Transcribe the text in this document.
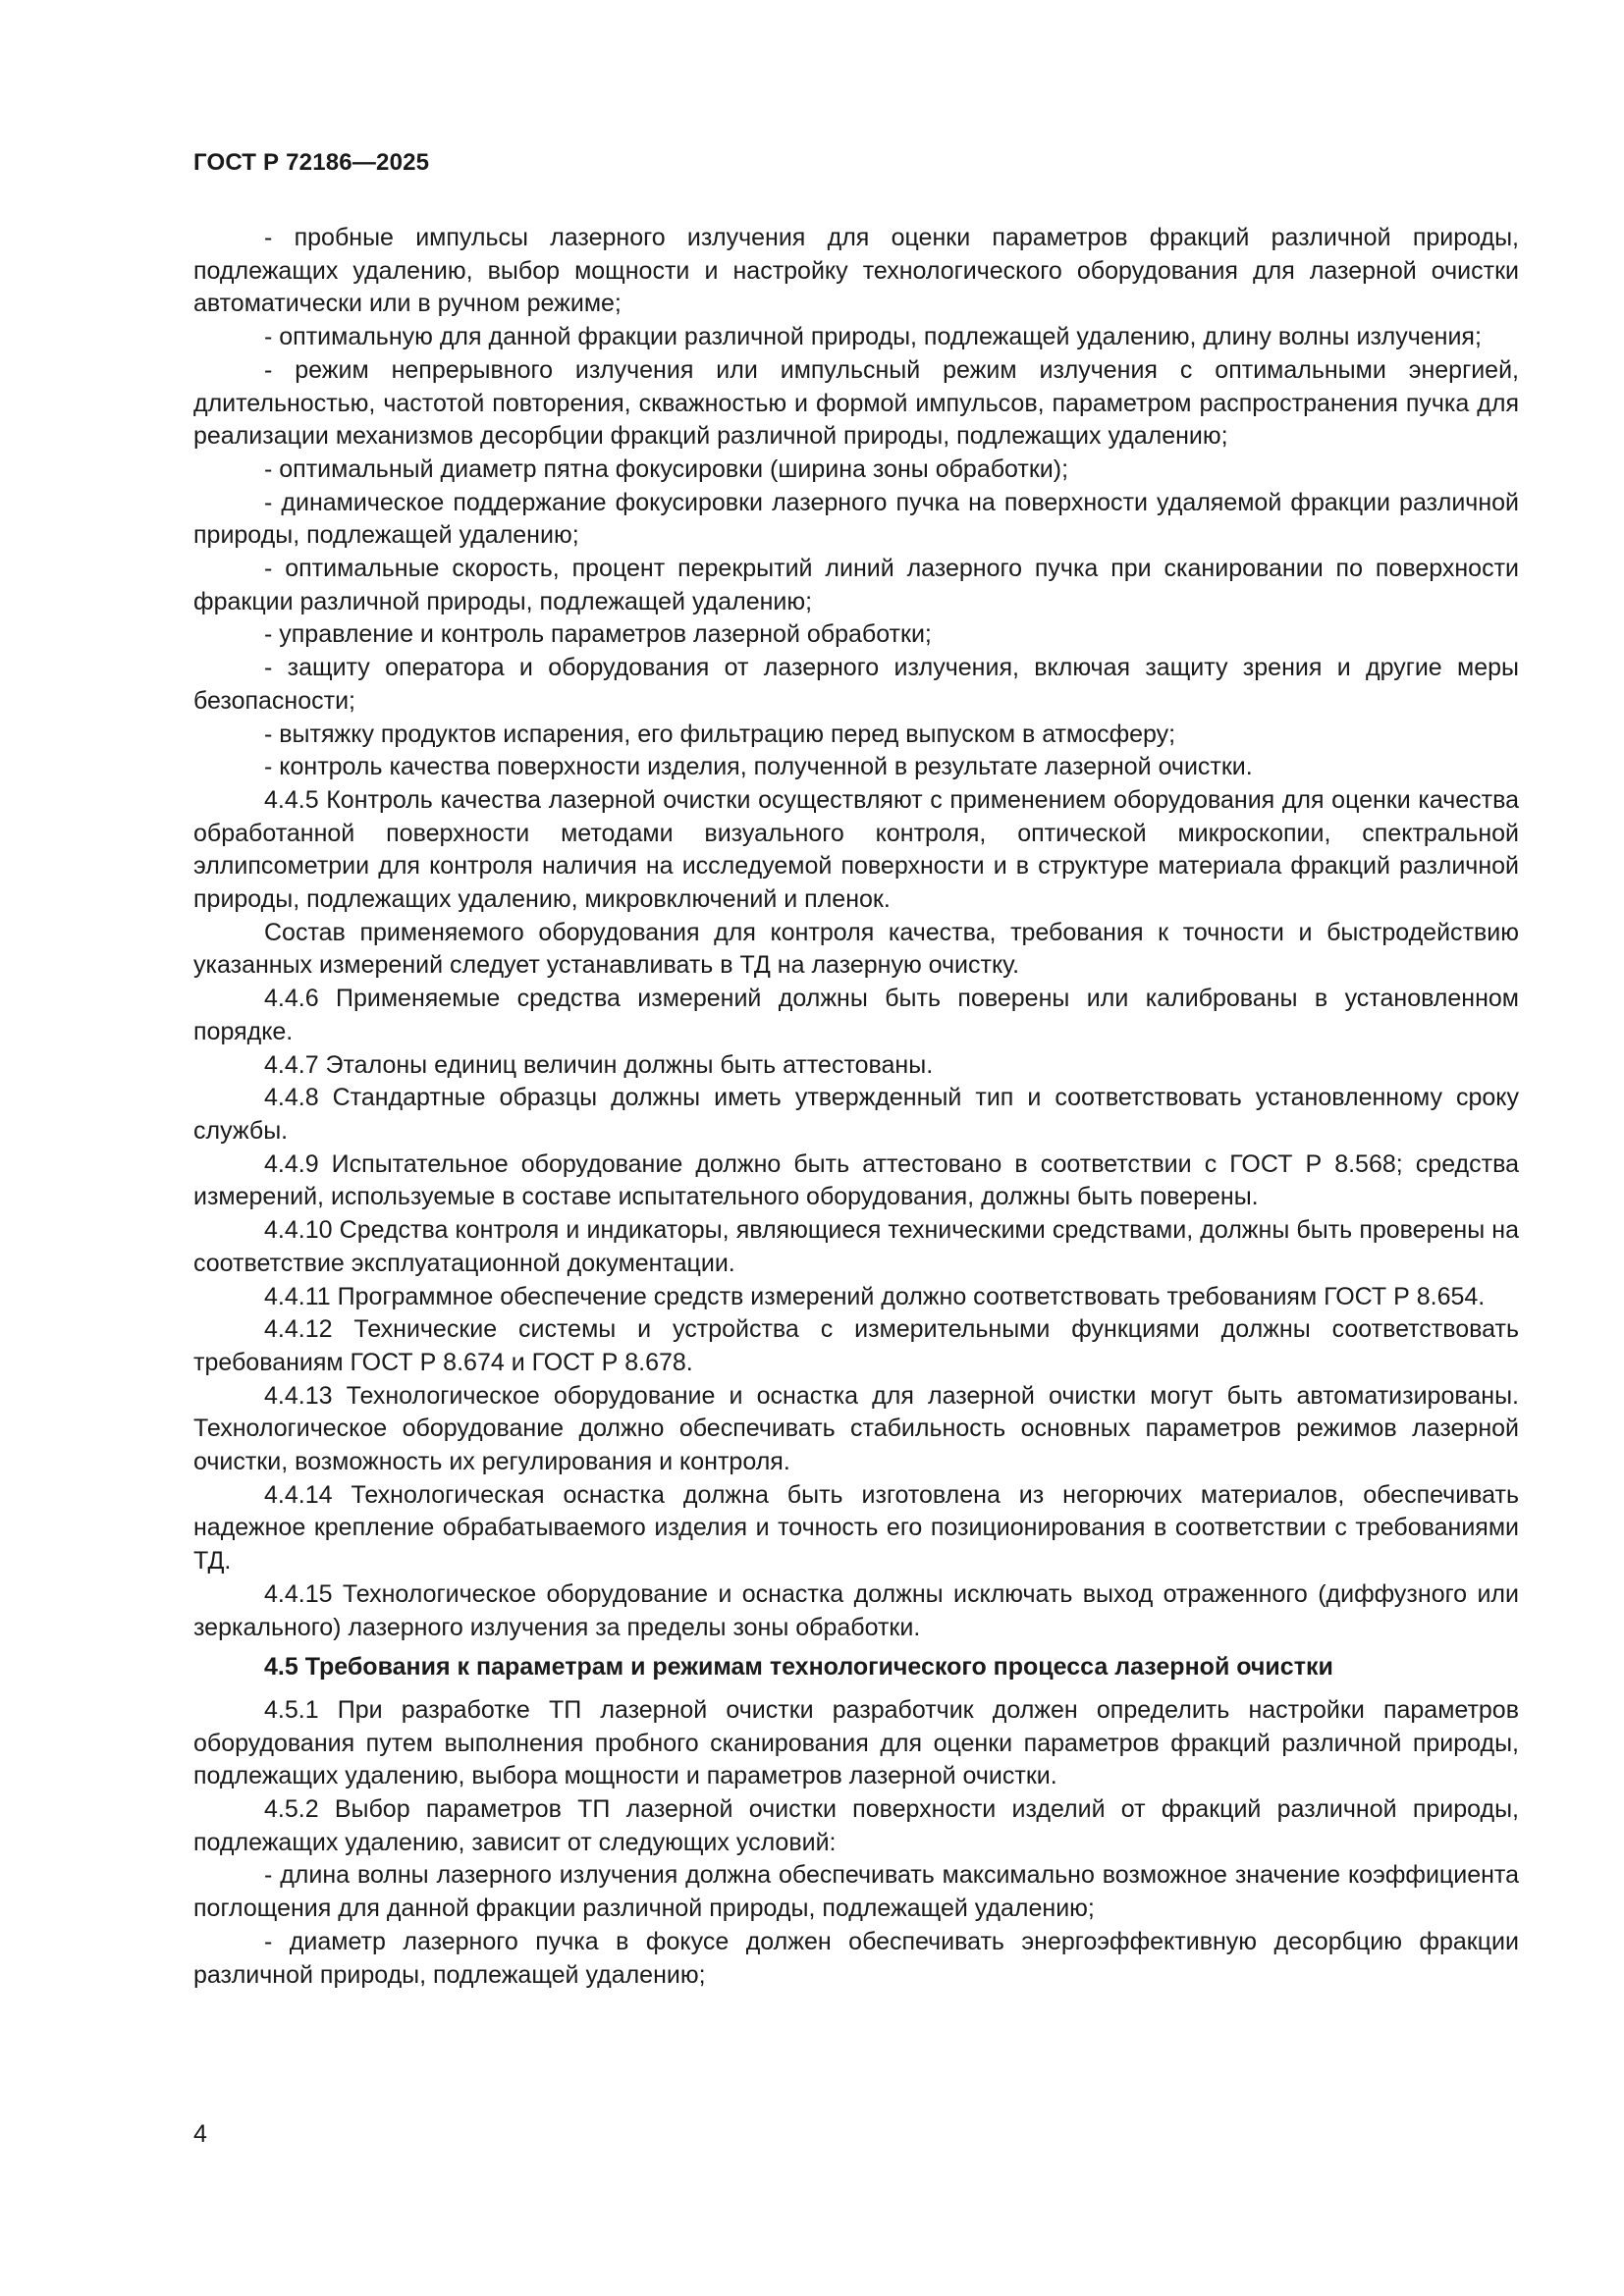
ГОСТ Р 72186—2025

- пробные импульсы лазерного излучения для оценки параметров фракций различной природы, подлежащих удалению, выбор мощности и настройку технологического оборудования для лазерной очистки автоматически или в ручном режиме;

- оптимальную для данной фракции различной природы, подлежащей удалению, длину волны излучения;

- режим непрерывного излучения или импульсный режим излучения с оптимальными энергией, длительностью, частотой повторения, скважностью и формой импульсов, параметром распространения пучка для реализации механизмов десорбции фракций различной природы, подлежащих удалению;

- оптимальный диаметр пятна фокусировки (ширина зоны обработки);

- динамическое поддержание фокусировки лазерного пучка на поверхности удаляемой фракции различной природы, подлежащей удалению;

- оптимальные скорость, процент перекрытий линий лазерного пучка при сканировании по поверхности фракции различной природы, подлежащей удалению;

- управление и контроль параметров лазерной обработки;

- защиту оператора и оборудования от лазерного излучения, включая защиту зрения и другие меры безопасности;

- вытяжку продуктов испарения, его фильтрацию перед выпуском в атмосферу;

- контроль качества поверхности изделия, полученной в результате лазерной очистки.

4.4.5 Контроль качества лазерной очистки осуществляют с применением оборудования для оценки качества обработанной поверхности методами визуального контроля, оптической микроскопии, спектральной эллипсометрии для контроля наличия на исследуемой поверхности и в структуре материала фракций различной природы, подлежащих удалению, микровключений и пленок.

Состав применяемого оборудования для контроля качества, требования к точности и быстродействию указанных измерений следует устанавливать в ТД на лазерную очистку.

4.4.6 Применяемые средства измерений должны быть поверены или калиброваны в установленном порядке.

4.4.7 Эталоны единиц величин должны быть аттестованы.

4.4.8 Стандартные образцы должны иметь утвержденный тип и соответствовать установленному сроку службы.

4.4.9 Испытательное оборудование должно быть аттестовано в соответствии с ГОСТ Р 8.568; средства измерений, используемые в составе испытательного оборудования, должны быть поверены.

4.4.10 Средства контроля и индикаторы, являющиеся техническими средствами, должны быть проверены на соответствие эксплуатационной документации.

4.4.11 Программное обеспечение средств измерений должно соответствовать требованиям ГОСТ Р 8.654.

4.4.12 Технические системы и устройства с измерительными функциями должны соответствовать требованиям ГОСТ Р 8.674 и ГОСТ Р 8.678.

4.4.13 Технологическое оборудование и оснастка для лазерной очистки могут быть автоматизированы. Технологическое оборудование должно обеспечивать стабильность основных параметров режимов лазерной очистки, возможность их регулирования и контроля.

4.4.14 Технологическая оснастка должна быть изготовлена из негорючих материалов, обеспечивать надежное крепление обрабатываемого изделия и точность его позиционирования в соответствии с требованиями ТД.

4.4.15 Технологическое оборудование и оснастка должны исключать выход отраженного (диффузного или зеркального) лазерного излучения за пределы зоны обработки.

4.5 Требования к параметрам и режимам технологического процесса лазерной очистки

4.5.1 При разработке ТП лазерной очистки разработчик должен определить настройки параметров оборудования путем выполнения пробного сканирования для оценки параметров фракций различной природы, подлежащих удалению, выбора мощности и параметров лазерной очистки.

4.5.2 Выбор параметров ТП лазерной очистки поверхности изделий от фракций различной природы, подлежащих удалению, зависит от следующих условий:

- длина волны лазерного излучения должна обеспечивать максимально возможное значение коэффициента поглощения для данной фракции различной природы, подлежащей удалению;

- диаметр лазерного пучка в фокусе должен обеспечивать энергоэффективную десорбцию фракции различной природы, подлежащей удалению;

4
